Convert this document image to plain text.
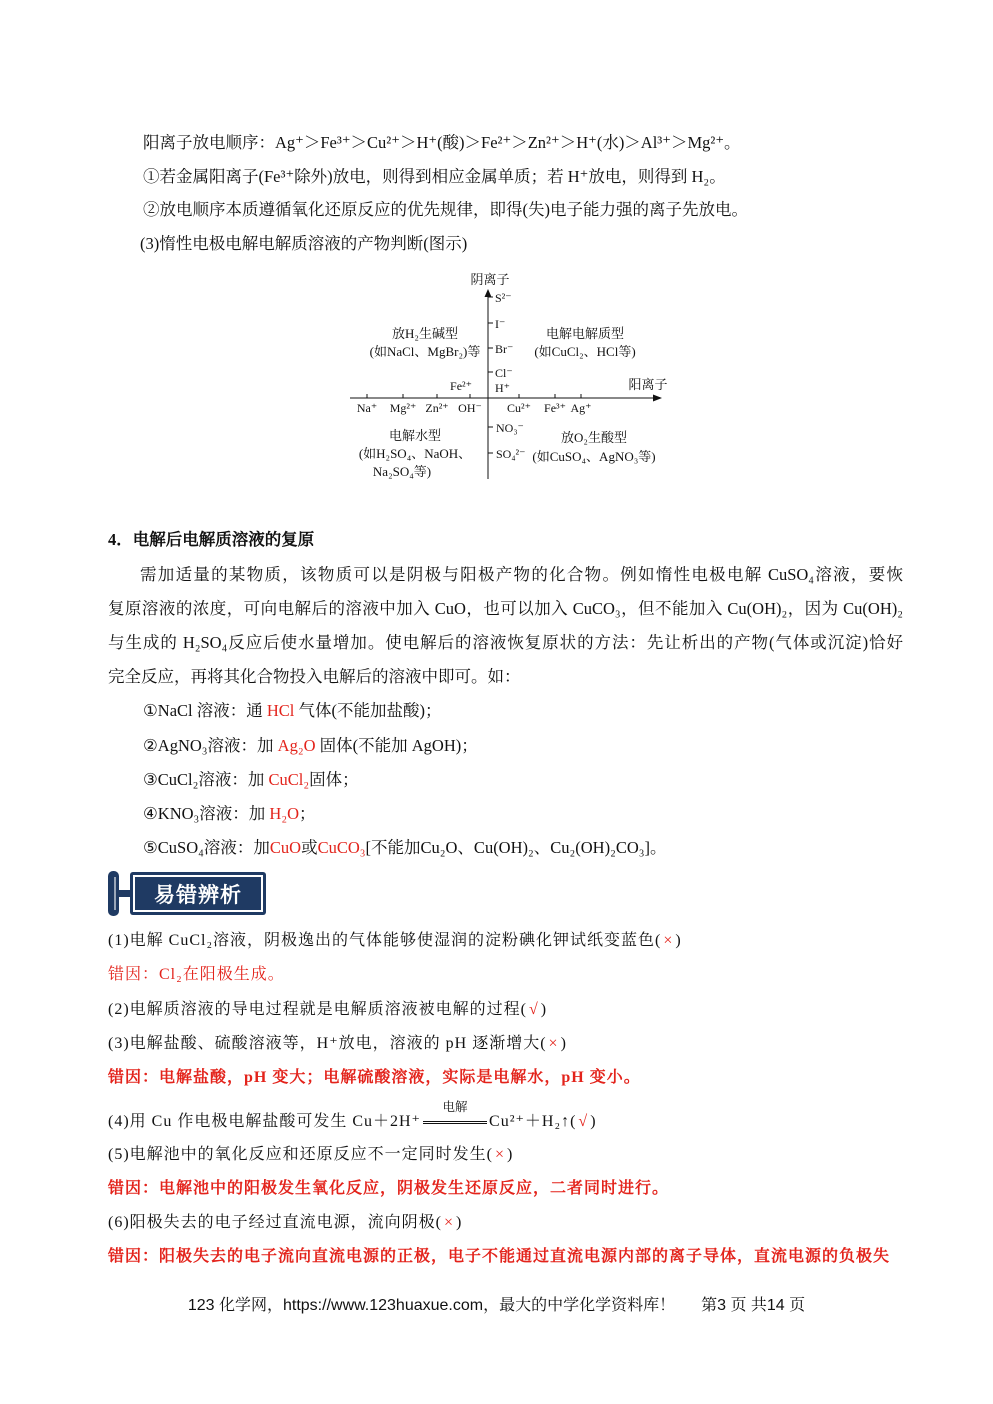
阳离子放电顺序：Ag⁺＞Fe³⁺＞Cu²⁺＞H⁺(酸)＞Fe²⁺＞Zn²⁺＞H⁺(水)＞Al³⁺＞Mg²⁺。
①若金属阳离子(Fe³⁺除外)放电，则得到相应金属单质；若 H⁺放电，则得到 H₂。
②放电顺序本质遵循氧化还原反应的优先规律，即得(失)电子能力强的离子先放电。
(3)惰性电极电解电解质溶液的产物判断(图示)
阴离子
阳离子
S²⁻
I⁻
Br⁻
Cl⁻
H⁺
Fe²⁺
Na⁺ Mg²⁺ Zn²⁺ OH⁻ Cu²⁺ Fe³⁺ Ag⁺
NO₃⁻
SO₄²⁻
放H₂生碱型
(如NaCl、MgBr₂)等
电解电解质型
(如CuCl₂、HCl等)
电解水型
(如H₂SO₄、NaOH、
Na₂SO₄等)
放O₂生酸型
(如CuSO₄、AgNO₃等)
4．电解后电解质溶液的复原
需加适量的某物质，该物质可以是阴极与阳极产物的化合物。例如惰性电极电解 CuSO₄溶液，要恢
复原溶液的浓度，可向电解后的溶液中加入 CuO，也可以加入 CuCO₃，但不能加入 Cu(OH)₂，因为 Cu(OH)₂
与生成的 H₂SO₄反应后使水量增加。使电解后的溶液恢复原状的方法：先让析出的产物(气体或沉淀)恰好
完全反应，再将其化合物投入电解后的溶液中即可。如：
①NaCl 溶液：通 HCl 气体(不能加盐酸)；
②AgNO₃溶液：加 Ag₂O 固体(不能加 AgOH)；
③CuCl₂溶液：加 CuCl₂固体；
④KNO₃溶液：加 H₂O；
⑤CuSO₄溶液：加CuO或CuCO₃[不能加Cu₂O、Cu(OH)₂、Cu₂(OH)₂CO₃]。
易错辨析
(1)电解 CuCl₂溶液，阴极逸出的气体能够使湿润的淀粉碘化钾试纸变蓝色( × )
错因：Cl₂在阳极生成。
(2)电解质溶液的导电过程就是电解质溶液被电解的过程( √ )
(3)电解盐酸、硫酸溶液等，H⁺放电，溶液的 pH 逐渐增大( × )
错因：电解盐酸，pH 变大；电解硫酸溶液，实际是电解水，pH 变小。
(4)用 Cu 作电极电解盐酸可发生 Cu＋2H⁺
电解
Cu²⁺＋H₂↑( √ )
(5)电解池中的氧化反应和还原反应不一定同时发生( × )
错因：电解池中的阳极发生氧化反应，阴极发生还原反应，二者同时进行。
(6)阳极失去的电子经过直流电源，流向阴极( × )
错因：阳极失去的电子流向直流电源的正极，电子不能通过直流电源内部的离子导体，直流电源的负极失
123 化学网，https://www.123huaxue.com，最大的中学化学资料库！ 第3 页 共14 页
